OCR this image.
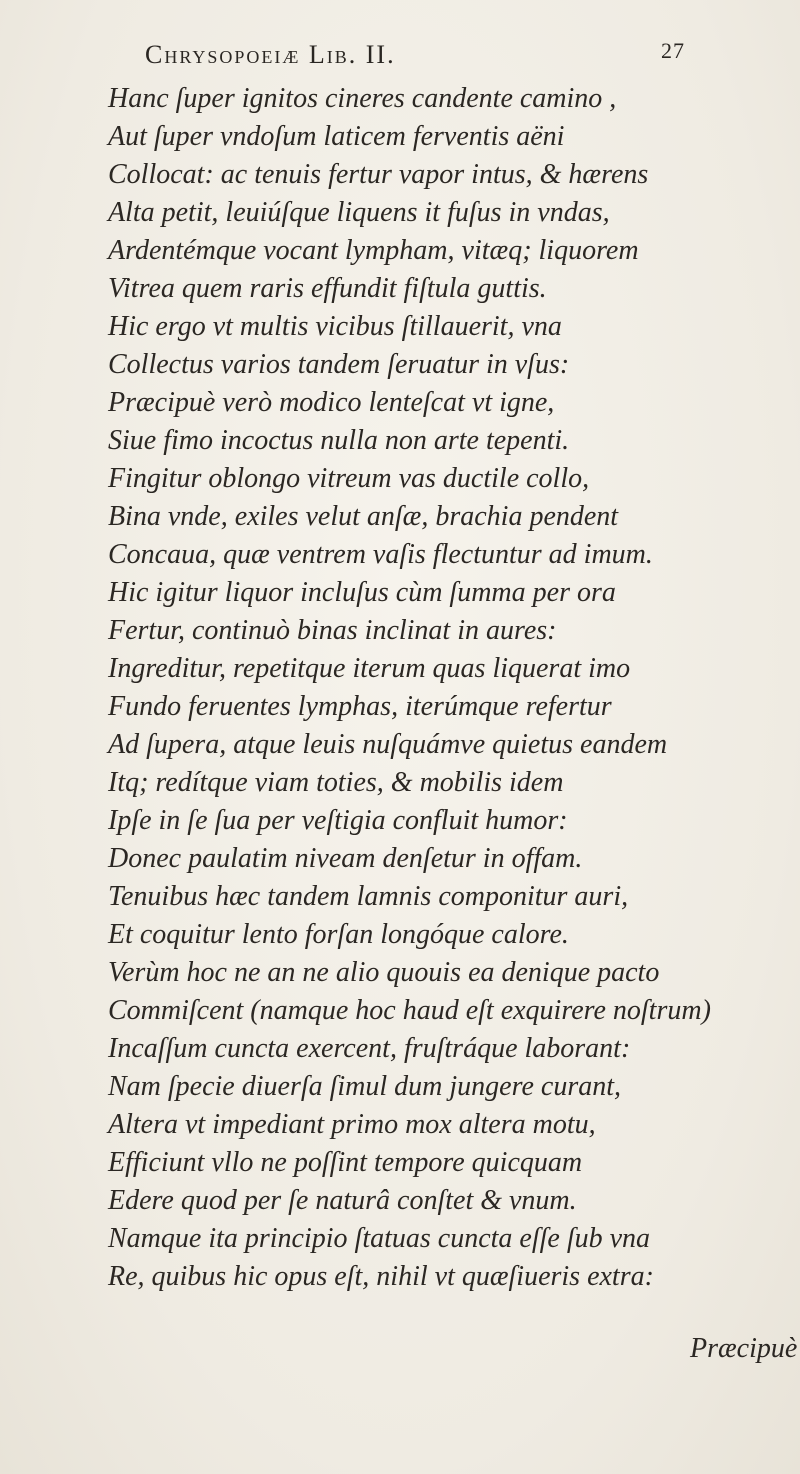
Chrysopoeiæ Lib. II.	27
Hanc ſuper ignitos cineres candente camino ,
Aut ſuper vndoſum laticem ferventis aëni
Collocat: ac tenuis fertur vapor intus, & hærens
Alta petit, leuiúſque liquens it fuſus in vndas,
Ardentémque vocant lympham, vitæq; liquorem
Vitrea quem raris effundit fiſtula guttis.
Hic ergo vt multis vicibus ſtillauerit, vna
Collectus varios tandem ſeruatur in vſus:
Præcipuè verò modico lenteſcat vt igne,
Siue fimo incoctus nulla non arte tepenti.
Fingitur oblongo vitreum vas ductile collo,
Bina vnde, exiles velut anſæ, brachia pendent
Concaua, quæ ventrem vaſis flectuntur ad imum.
Hic igitur liquor incluſus cùm ſumma per ora
Fertur, continuò binas inclinat in aures:
Ingreditur, repetitque iterum quas liquerat imo
Fundo feruentes lymphas, iterúmque refertur
Ad ſupera, atque leuis nuſquámve quietus eandem
Itq; redítque viam toties, & mobilis idem
Ipſe in ſe ſua per veſtigia confluit humor:
Donec paulatim niveam denſetur in offam.
Tenuibus hæc tandem lamnis componitur auri,
Et coquitur lento forſan longóque calore.
Verùm hoc ne an ne alio quouis ea denique pacto
Commiſcent (namque hoc haud eſt exquirere noſtrum)
Incaſſum cuncta exercent, fruſtráque laborant:
Nam ſpecie diuerſa ſimul dum jungere curant,
Altera vt impediant primo mox altera motu,
Efficiunt vllo ne poſſint tempore quicquam
Edere quod per ſe naturâ conſtet & vnum.
Namque ita principio ſtatuas cuncta eſſe ſub vna
Re, quibus hic opus eſt, nihil vt quæſiueris extra:
Præcipuè
